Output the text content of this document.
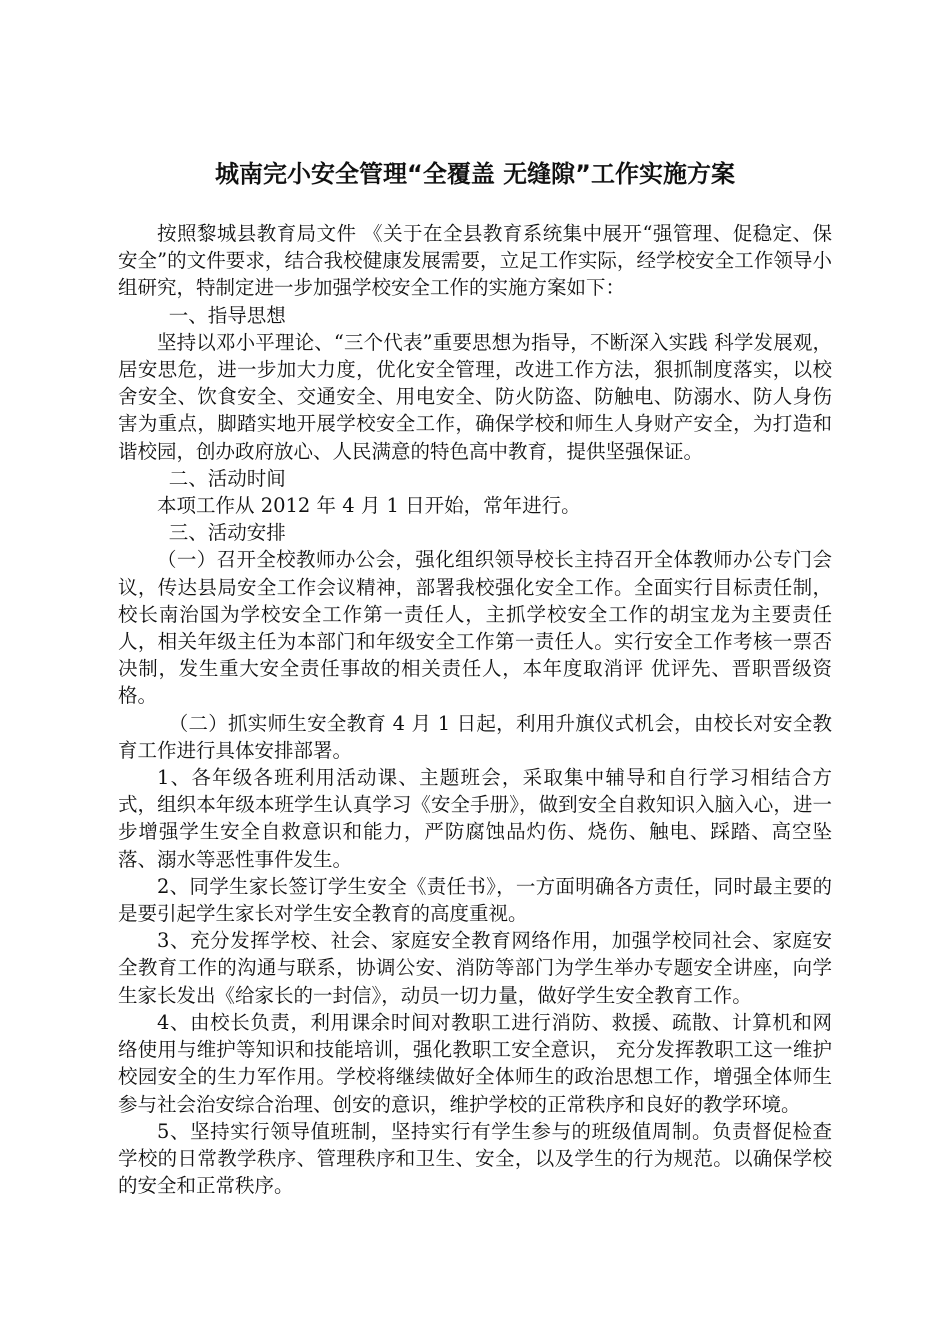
城南完小安全管理“全覆盖 无缝隙”工作实施方案

按照黎城县教育局文件 《关于在全县教育系统集中展开“强管理、促稳定、保安全”的文件要求，结合我校健康发展需要，立足工作实际，经学校安全工作领导小组研究，特制定进一步加强学校安全工作的实施方案如下：

一、指导思想

坚持以邓小平理论、“三个代表”重要思想为指导，不断深入实践 科学发展观，居安思危，进一步加大力度，优化安全管理，改进工作方法，狠抓制度落实，以校舍安全、饮食安全、交通安全、用电安全、防火防盗、防触电、防溺水、防人身伤害为重点，脚踏实地开展学校安全工作，确保学校和师生人身财产安全，为打造和谐校园，创办政府放心、人民满意的特色高中教育，提供坚强保证。

二、活动时间

本项工作从 2012 年 4 月 1 日开始，常年进行。

三、活动安排

（一）召开全校教师办公会，强化组织领导校长主持召开全体教师办公专门会议，传达县局安全工作会议精神，部署我校强化安全工作。全面实行目标责任制，校长南治国为学校安全工作第一责任人，主抓学校安全工作的胡宝龙为主要责任人，相关年级主任为本部门和年级安全工作第一责任人。实行安全工作考核一票否决制，发生重大安全责任事故的相关责任人，本年度取消评 优评先、晋职晋级资格。

（二）抓实师生安全教育 4 月 1 日起，利用升旗仪式机会，由校长对安全教育工作进行具体安排部署。

1、各年级各班利用活动课、主题班会，采取集中辅导和自行学习相结合方式，组织本年级本班学生认真学习《安全手册》，做到安全自救知识入脑入心，进一步增强学生安全自救意识和能力，严防腐蚀品灼伤、烧伤、触电、踩踏、高空坠落、溺水等恶性事件发生。

2、同学生家长签订学生安全《责任书》，一方面明确各方责任，同时最主要的是要引起学生家长对学生安全教育的高度重视。

3、充分发挥学校、社会、家庭安全教育网络作用，加强学校同社会、家庭安全教育工作的沟通与联系，协调公安、消防等部门为学生举办专题安全讲座，向学生家长发出《给家长的一封信》，动员一切力量，做好学生安全教育工作。

4、由校长负责，利用课余时间对教职工进行消防、救援、疏散、计算机和网络使用与维护等知识和技能培训，强化教职工安全意识， 充分发挥教职工这一维护校园安全的生力军作用。学校将继续做好全体师生的政治思想工作，增强全体师生参与社会治安综合治理、创安的意识，维护学校的正常秩序和良好的教学环境。

5、坚持实行领导值班制，坚持实行有学生参与的班级值周制。负责督促检查学校的日常教学秩序、管理秩序和卫生、安全，以及学生的行为规范。以确保学校的安全和正常秩序。
